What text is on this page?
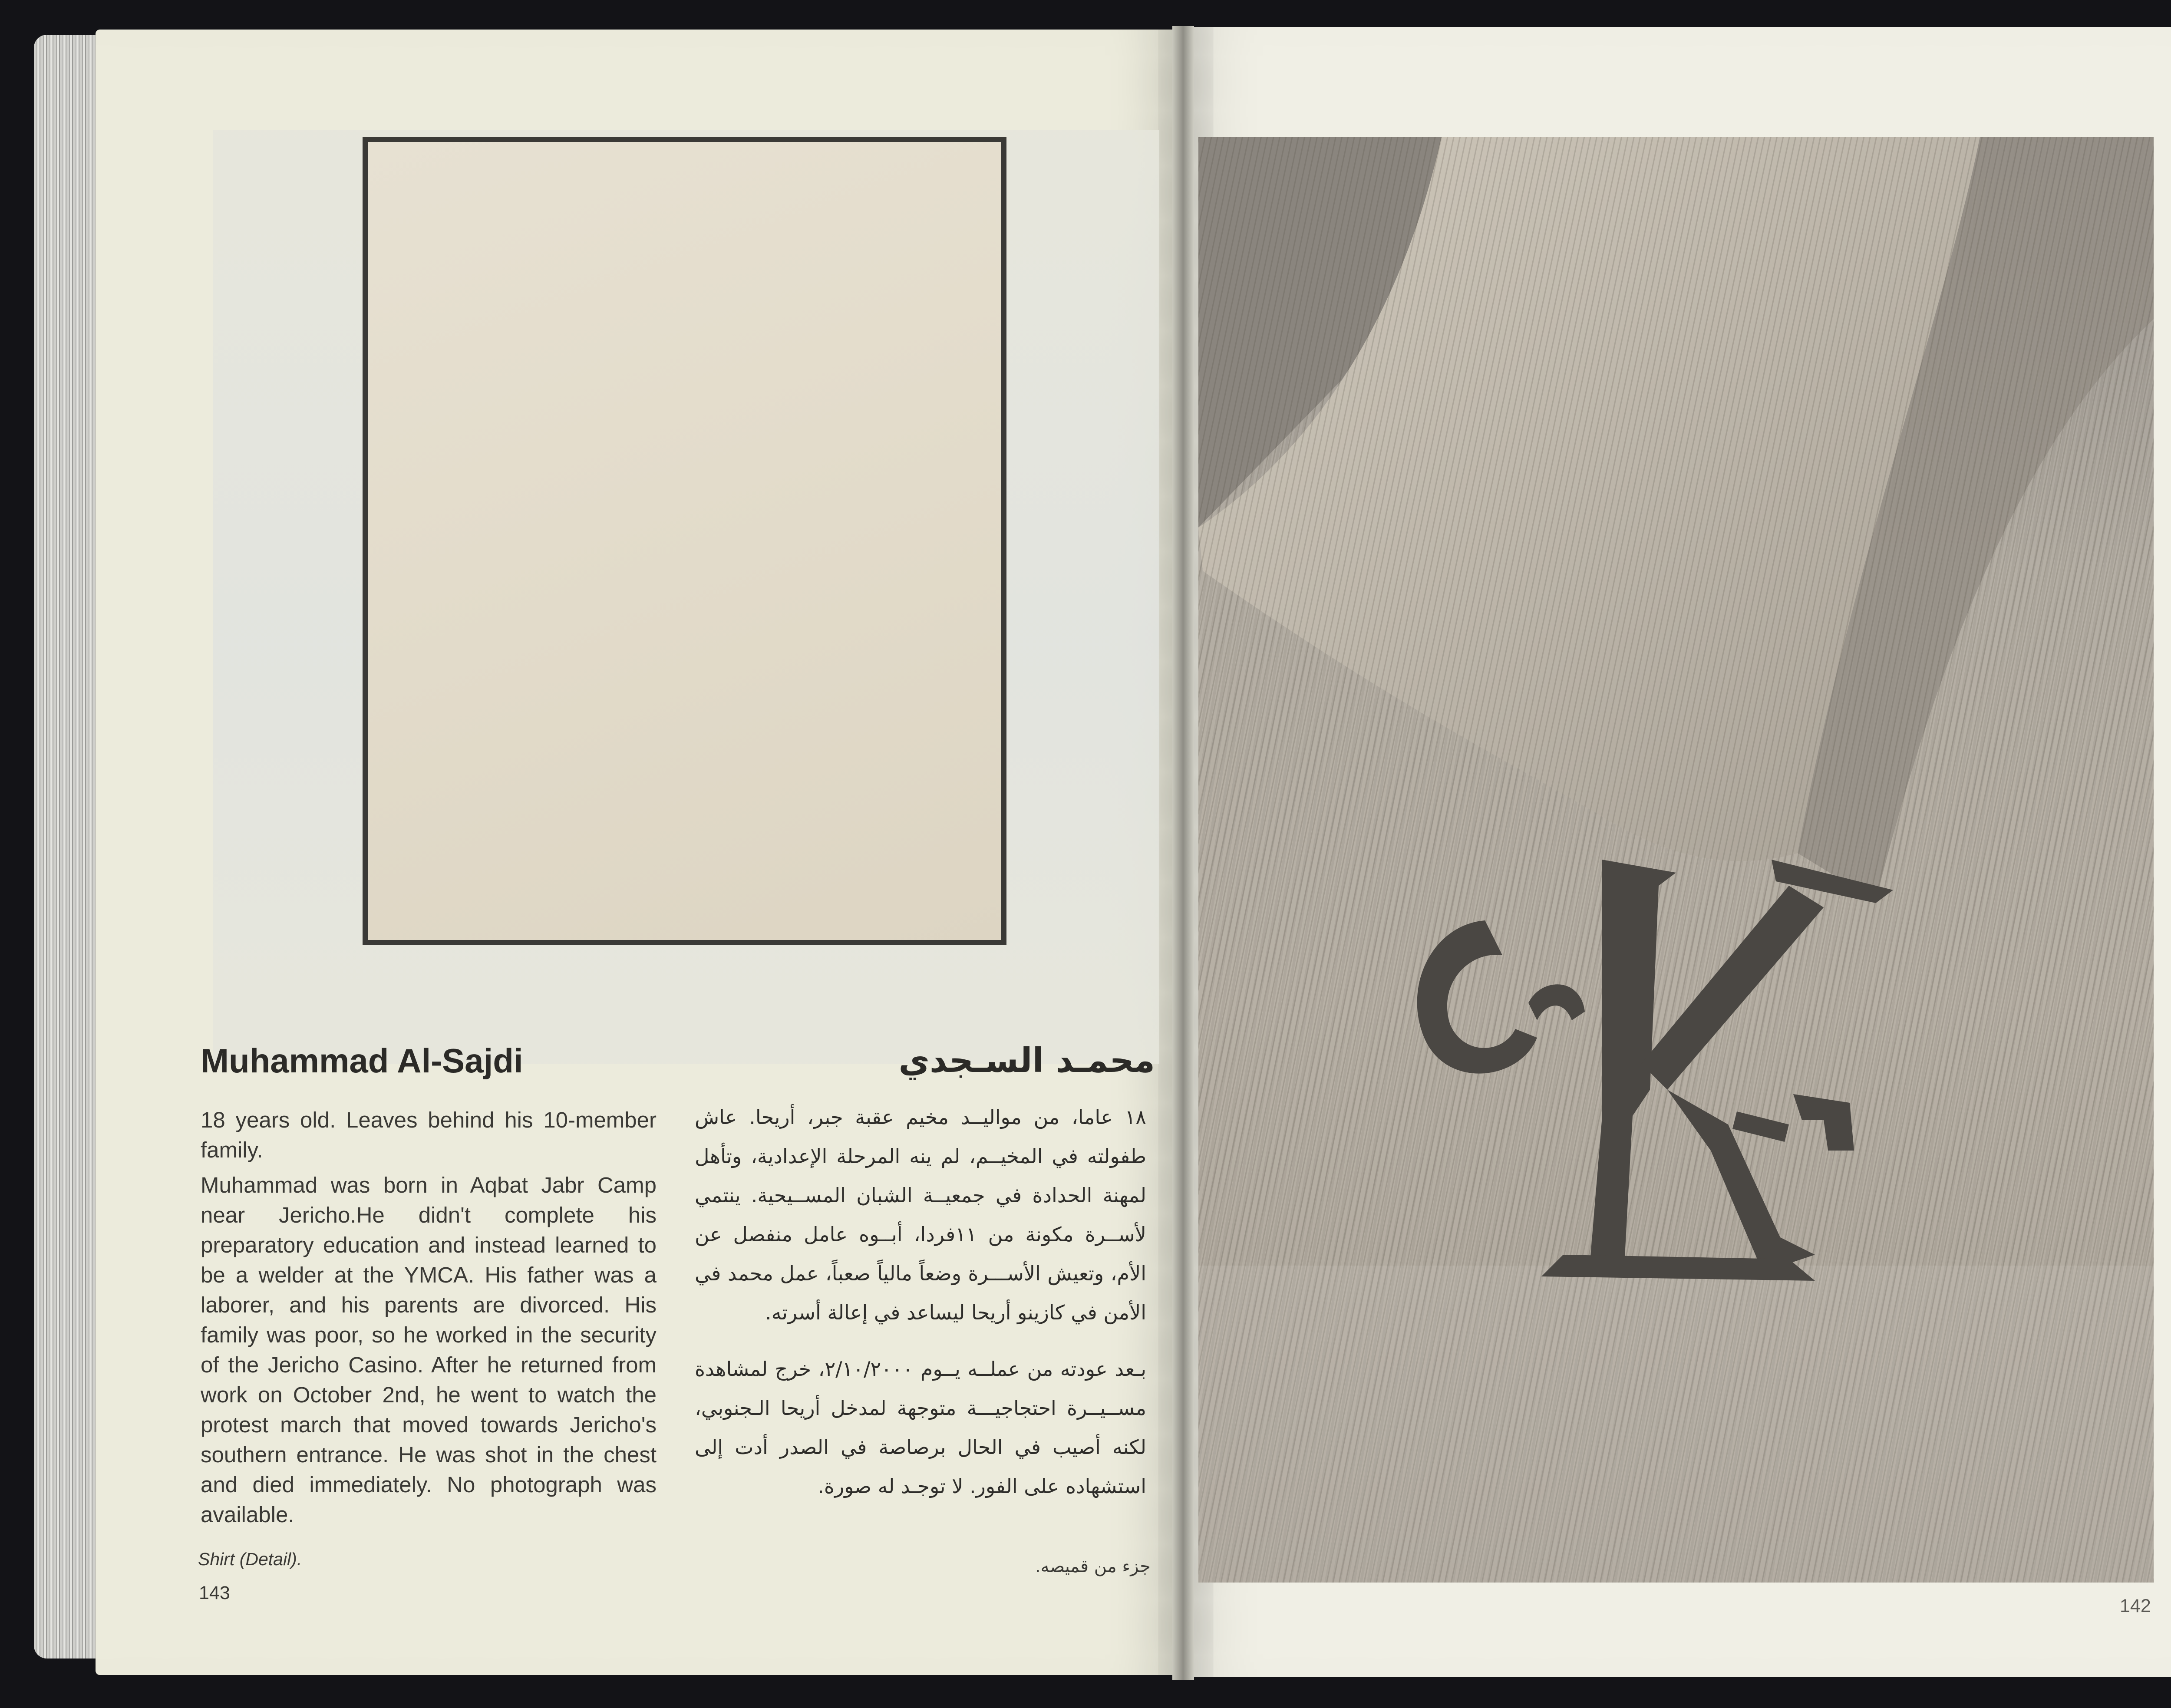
Muhammad Al-Sajdi	محمـد السـجدي

18 years old. Leaves behind his 10-member family.

Muhammad was born in Aqbat Jabr Camp near Jericho.He didn't complete his preparatory education and instead learned to be a welder at the YMCA. His father was a laborer, and his parents are divorced. His family was poor, so he worked in the security of the Jericho Casino. After he returned from work on October 2nd, he went to watch the protest march that moved towards Jericho's southern entrance. He was shot in the chest and died immediately. No photograph was available.

١٨ عاما، من مواليــد مخيم عقبة جبر، أريحا. عاش طفولته في المخيــم، لم ينه المرحلة الإعدادية، وتأهل لمهنة الحدادة في جمعيــة الشبان المســيحية. ينتمي لأســرة مكونة من ١١فردا، أبــوه عامل منفصل عن الأم، وتعيش الأســـرة وضعاً مالياً صعباً، عمل محمد في الأمن في كازينو أريحا ليساعد في إعالة أسرته.

بـعد عودته من عملــه يــوم ٢/١٠/٢٠٠٠، خرج لمشاهدة مســيــرة احتجاجيـــة متوجهة لمدخل أريحا الـجنوبي، لكنه أصيب في الحال برصاصة في الصدر أدت إلى استشهاده على الفور. لا توجـد له صورة.

Shirt (Detail).	جزء من قميصه.
143
142
